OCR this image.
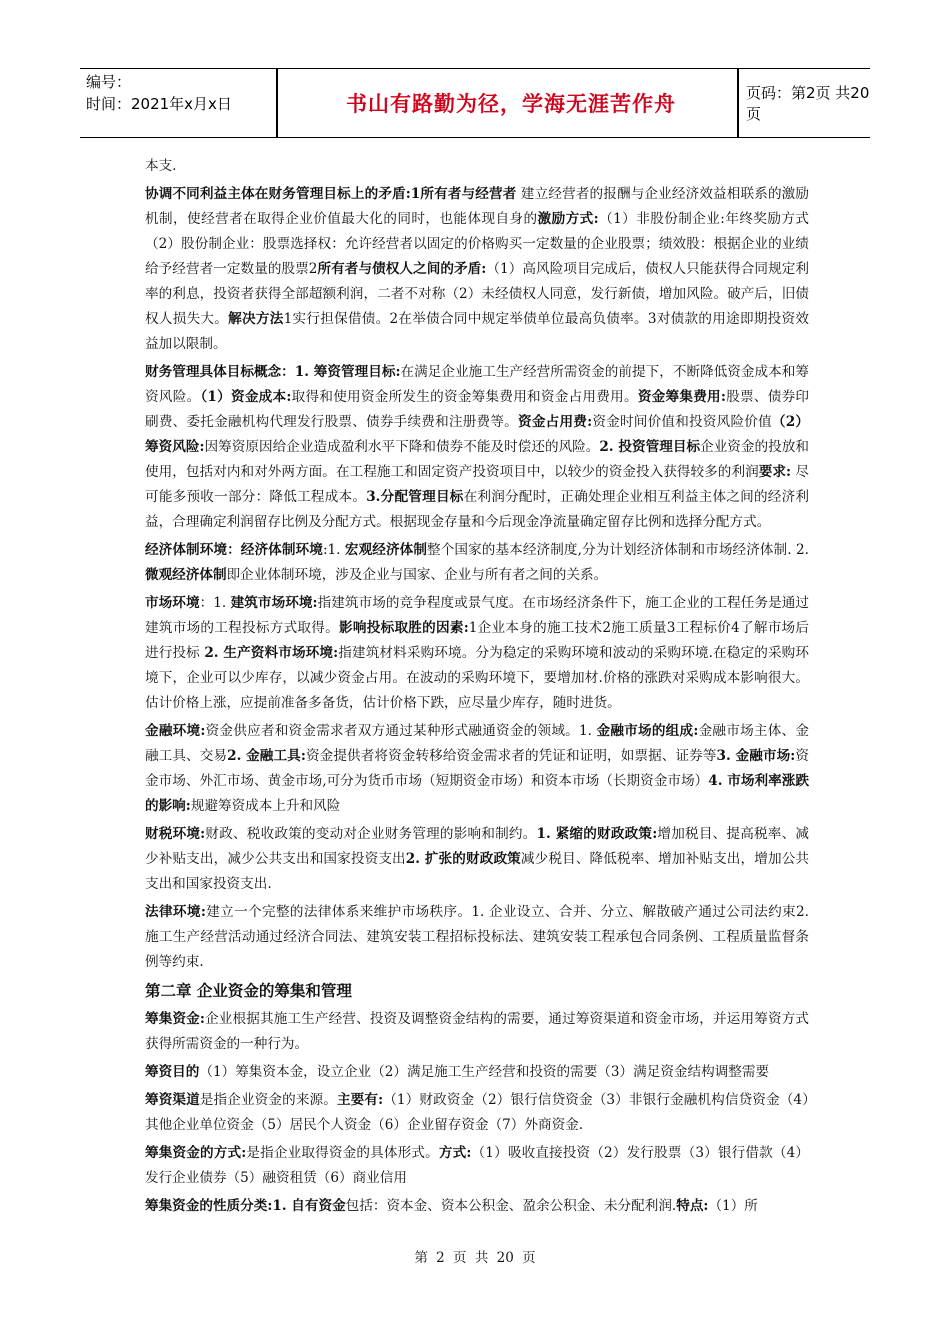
编号：
时间：2021年x月x日	书山有路勤为径，学海无涯苦作舟	页码：第2页 共20页

本支.

协调不同利益主体在财务管理目标上的矛盾:1所有者与经营者 建立经营者的报酬与企业经济效益相联系的激励机制，使经营者在取得企业价值最大化的同时，也能体现自身的激励方式:（1）非股份制企业:年终奖励方式（2）股份制企业：股票选择权：允许经营者以固定的价格购买一定数量的企业股票；绩效股：根据企业的业绩给予经营者一定数量的股票2所有者与债权人之间的矛盾:（1）高风险项目完成后，债权人只能获得合同规定利率的利息，投资者获得全部超额利润，二者不对称（2）未经债权人同意，发行新债，增加风险。破产后，旧债权人损失大。解决方法1实行担保借债。2在举债合同中规定举债单位最高负债率。3对债款的用途即期投资效益加以限制。

财务管理具体目标概念：1. 筹资管理目标:在满足企业施工生产经营所需资金的前提下，不断降低资金成本和筹资风险。（1）资金成本:取得和使用资金所发生的资金筹集费用和资金占用费用。资金筹集费用:股票、债券印刷费、委托金融机构代理发行股票、债券手续费和注册费等。资金占用费:资金时间价值和投资风险价值（2）筹资风险:因筹资原因给企业造成盈利水平下降和债券不能及时偿还的风险。2. 投资管理目标企业资金的投放和使用，包括对内和对外两方面。在工程施工和固定资产投资项目中，以较少的资金投入获得较多的利润要求: 尽可能多预收一部分：降低工程成本。3.分配管理目标在利润分配时，正确处理企业相互利益主体之间的经济利益，合理确定利润留存比例及分配方式。根据现金存量和今后现金净流量确定留存比例和选择分配方式。

经济体制环境：经济体制环境:1. 宏观经济体制整个国家的基本经济制度,分为计划经济体制和市场经济体制. 2. 微观经济体制即企业体制环境，涉及企业与国家、企业与所有者之间的关系。

市场环境：1. 建筑市场环境:指建筑市场的竞争程度或景气度。在市场经济条件下，施工企业的工程任务是通过建筑市场的工程投标方式取得。影响投标取胜的因素:1企业本身的施工技术2施工质量3工程标价4了解市场后进行投标 2. 生产资料市场环境:指建筑材料采购环境。分为稳定的采购环境和波动的采购环境.在稳定的采购环境下，企业可以少库存，以减少资金占用。在波动的采购环境下，要增加材.价格的涨跌对采购成本影响很大。估计价格上涨，应提前准备多备货，估计价格下跌，应尽量少库存，随时进货。

金融环境:资金供应者和资金需求者双方通过某种形式融通资金的领域。1. 金融市场的组成:金融市场主体、金融工具、交易2. 金融工具:资金提供者将资金转移给资金需求者的凭证和证明，如票据、证券等3. 金融市场:资金市场、外汇市场、黄金市场,可分为货币市场（短期资金市场）和资本市场（长期资金市场）4. 市场利率涨跌的影响:规避筹资成本上升和风险

财税环境:财政、税收政策的变动对企业财务管理的影响和制约。1. 紧缩的财政政策:增加税目、提高税率、减少补贴支出，减少公共支出和国家投资支出2. 扩张的财政政策减少税目、降低税率、增加补贴支出，增加公共支出和国家投资支出.

法律环境:建立一个完整的法律体系来维护市场秩序。1. 企业设立、合并、分立、解散破产通过公司法约束2. 施工生产经营活动通过经济合同法、建筑安装工程招标投标法、建筑安装工程承包合同条例、工程质量监督条例等约束.

第二章 企业资金的筹集和管理

筹集资金:企业根据其施工生产经营、投资及调整资金结构的需要，通过筹资渠道和资金市场，并运用筹资方式获得所需资金的一种行为。

筹资目的（1）筹集资本金，设立企业（2）满足施工生产经营和投资的需要（3）满足资金结构调整需要

筹资渠道是指企业资金的来源。主要有:（1）财政资金（2）银行信贷资金（3）非银行金融机构信贷资金（4）其他企业单位资金（5）居民个人资金（6）企业留存资金（7）外商资金.

筹集资金的方式:是指企业取得资金的具体形式。方式:（1）吸收直接投资（2）发行股票（3）银行借款（4）发行企业债券（5）融资租赁（6）商业信用

筹集资金的性质分类:1. 自有资金包括：资本金、资本公积金、盈余公积金、未分配利润.特点:（1）所

第 2 页 共 20 页
